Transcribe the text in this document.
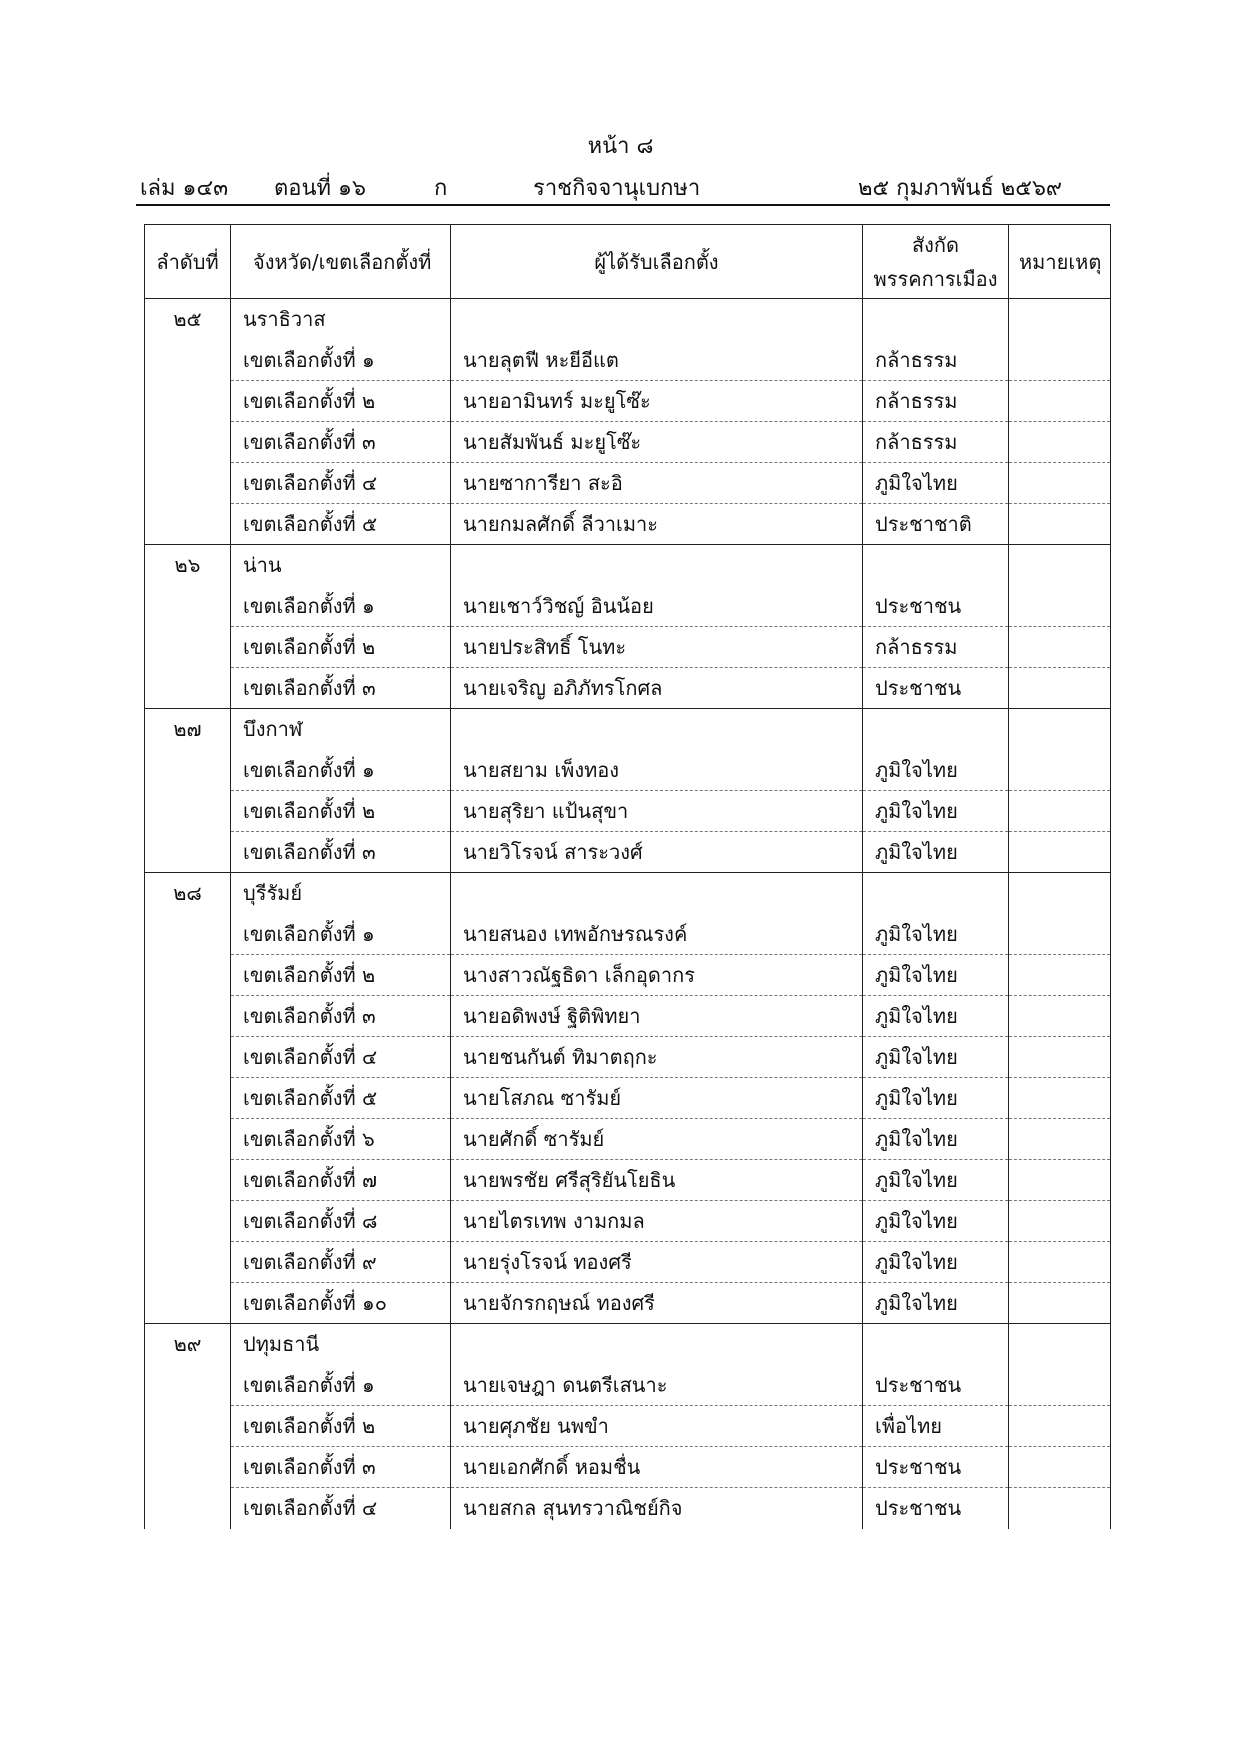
หน้า ๘
เล่ม ๑๔๓ ตอนที่ ๑๖	ก	ราชกิจจานุเบกษา	๒๕ กุมภาพันธ์ ๒๕๖๙
ลำดับที่	จังหวัด/เขตเลือกตั้งที่	ผู้ได้รับเลือกตั้ง	สังกัด
พรรคการเมือง	หมายเหตุ
๒๕	นราธิวาส			
	เขตเลือกตั้งที่ ๑	นายลุตฟี หะยีอีแต	กล้าธรรม	
	เขตเลือกตั้งที่ ๒	นายอามินทร์ มะยูโซ๊ะ	กล้าธรรม	
	เขตเลือกตั้งที่ ๓	นายสัมพันธ์ มะยูโซ๊ะ	กล้าธรรม	
	เขตเลือกตั้งที่ ๔	นายซาการียา สะอิ	ภูมิใจไทย	
	เขตเลือกตั้งที่ ๕	นายกมลศักดิ์ ลีวาเมาะ	ประชาชาติ	
๒๖	น่าน			
	เขตเลือกตั้งที่ ๑	นายเชาว์วิชญ์ อินน้อย	ประชาชน	
	เขตเลือกตั้งที่ ๒	นายประสิทธิ์ โนทะ	กล้าธรรม	
	เขตเลือกตั้งที่ ๓	นายเจริญ อภิภัทรโกศล	ประชาชน	
๒๗	บึงกาฬ			
	เขตเลือกตั้งที่ ๑	นายสยาม เพ็งทอง	ภูมิใจไทย	
	เขตเลือกตั้งที่ ๒	นายสุริยา แป้นสุขา	ภูมิใจไทย	
	เขตเลือกตั้งที่ ๓	นายวิโรจน์ สาระวงศ์	ภูมิใจไทย	
๒๘	บุรีรัมย์			
	เขตเลือกตั้งที่ ๑	นายสนอง เทพอักษรณรงค์	ภูมิใจไทย	
	เขตเลือกตั้งที่ ๒	นางสาวณัฐธิดา เล็กอุดากร	ภูมิใจไทย	
	เขตเลือกตั้งที่ ๓	นายอดิพงษ์ ฐิติพิทยา	ภูมิใจไทย	
	เขตเลือกตั้งที่ ๔	นายชนกันต์ ทิมาตฤกะ	ภูมิใจไทย	
	เขตเลือกตั้งที่ ๕	นายโสภณ ซารัมย์	ภูมิใจไทย	
	เขตเลือกตั้งที่ ๖	นายศักดิ์ ซารัมย์	ภูมิใจไทย	
	เขตเลือกตั้งที่ ๗	นายพรชัย ศรีสุริยันโยธิน	ภูมิใจไทย	
	เขตเลือกตั้งที่ ๘	นายไตรเทพ งามกมล	ภูมิใจไทย	
	เขตเลือกตั้งที่ ๙	นายรุ่งโรจน์ ทองศรี	ภูมิใจไทย	
	เขตเลือกตั้งที่ ๑๐	นายจักรกฤษณ์ ทองศรี	ภูมิใจไทย	
๒๙	ปทุมธานี			
	เขตเลือกตั้งที่ ๑	นายเจษฎา ดนตรีเสนาะ	ประชาชน	
	เขตเลือกตั้งที่ ๒	นายศุภชัย นพขำ	เพื่อไทย	
	เขตเลือกตั้งที่ ๓	นายเอกศักดิ์ หอมชื่น	ประชาชน	
	เขตเลือกตั้งที่ ๔	นายสกล สุนทรวาณิชย์กิจ	ประชาชน	
